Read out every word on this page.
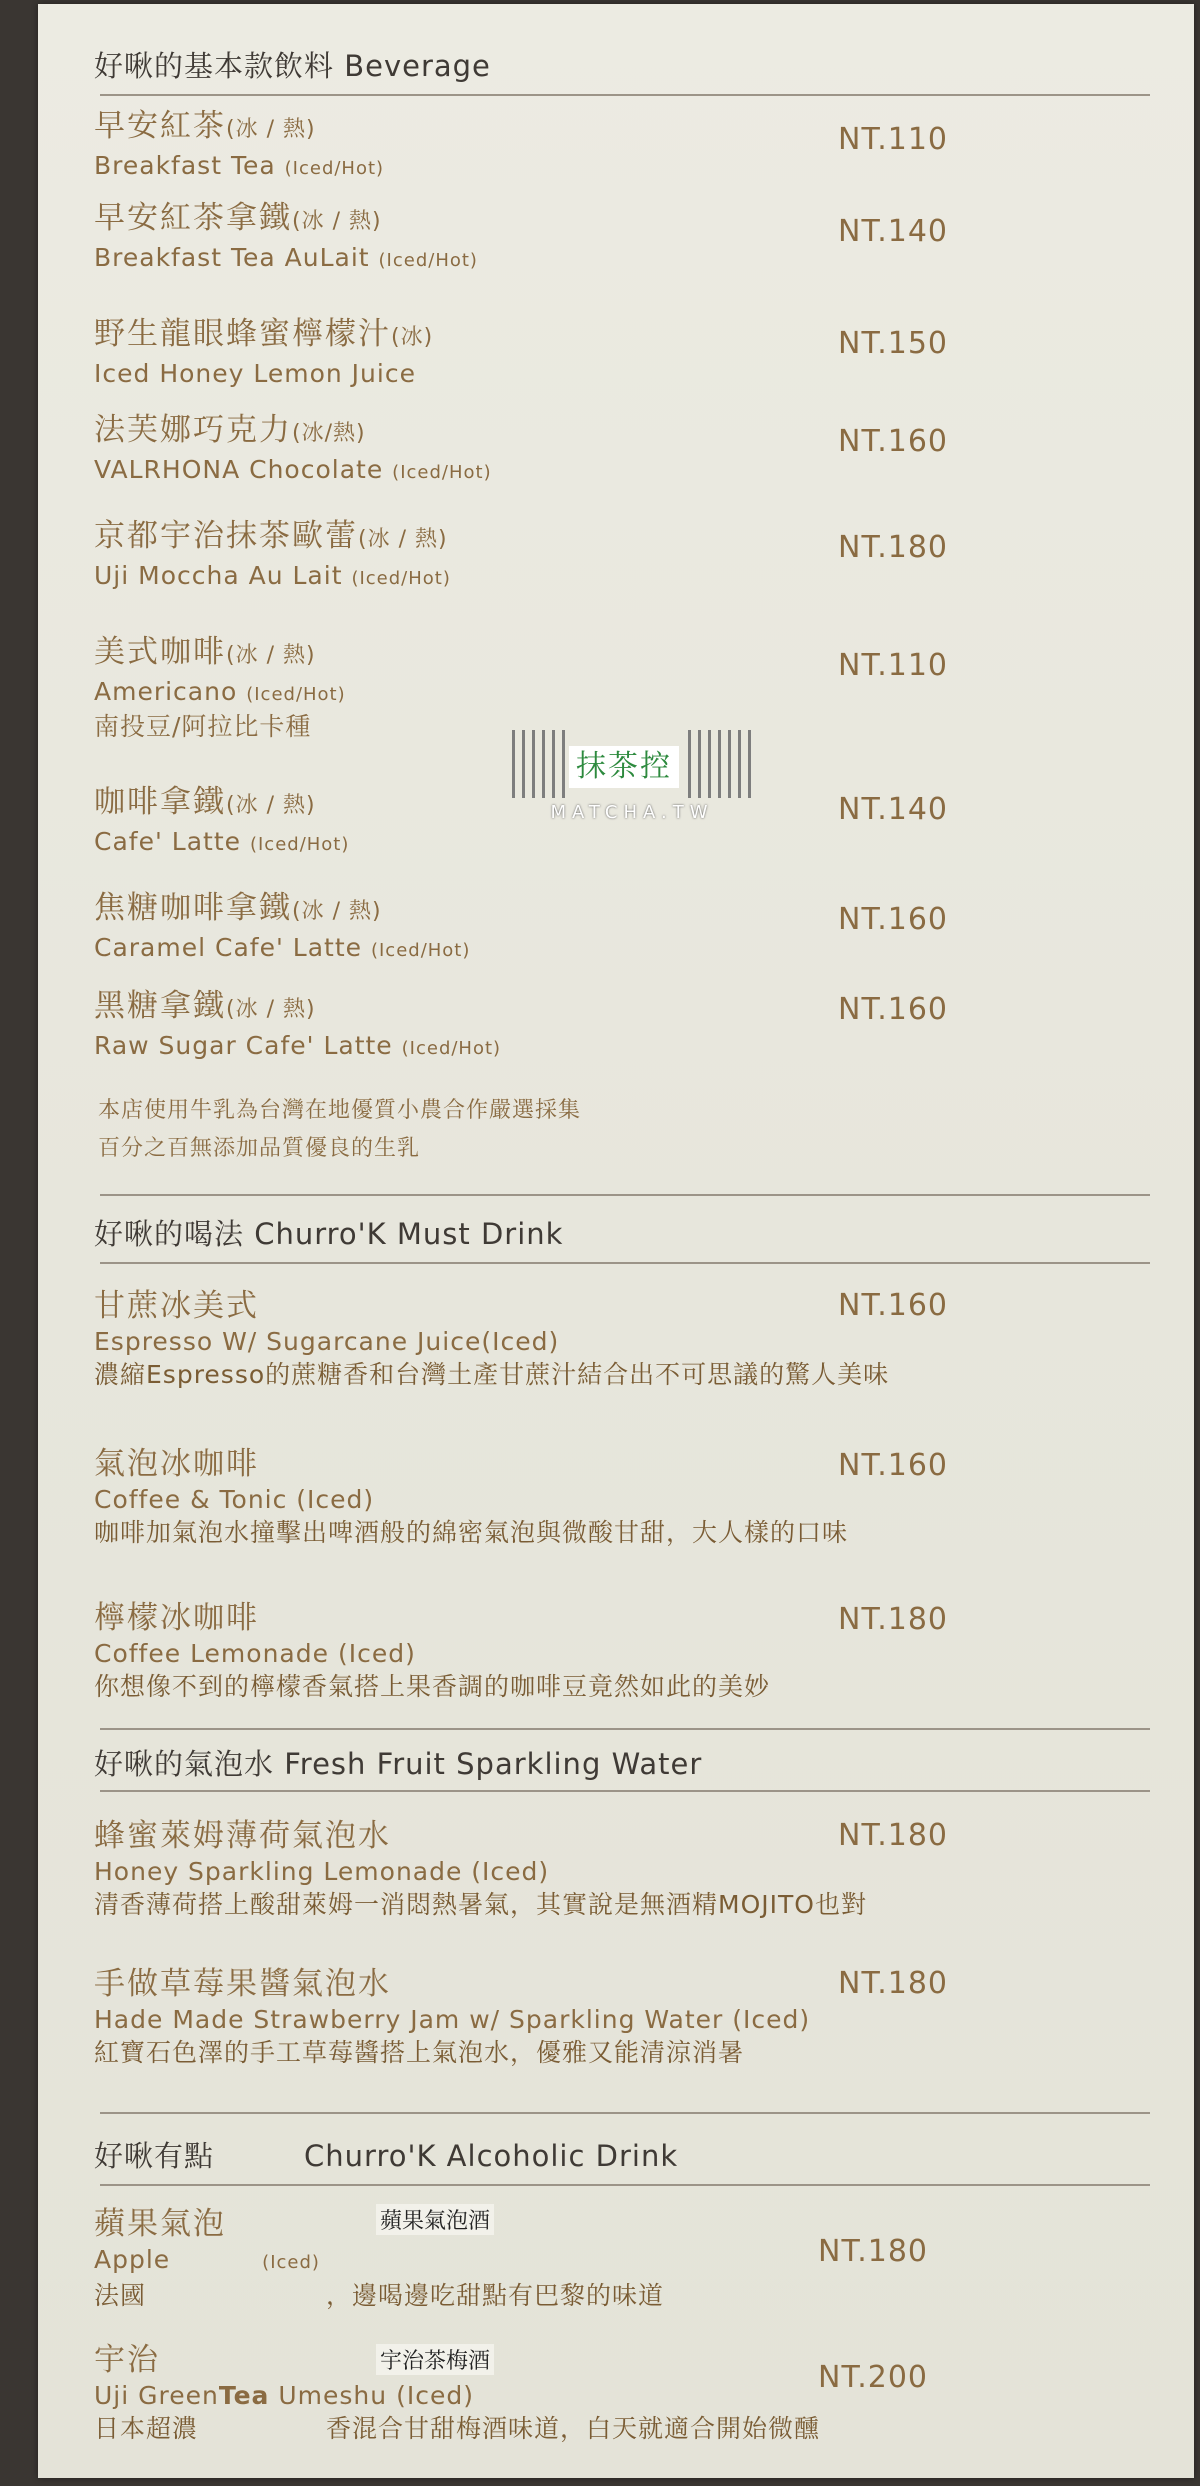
好啾的基本款飲料 Beverage
早安紅茶(冰 / 熱)
Breakfast Tea (Iced/Hot)
NT.110
早安紅茶拿鐵(冰 / 熱)
Breakfast Tea AuLait (Iced/Hot)
NT.140
野生龍眼蜂蜜檸檬汁(冰)
Iced Honey Lemon Juice
NT.150
法芙娜巧克力(冰/熱)
VALRHONA Chocolate (Iced/Hot)
NT.160
京都宇治抹茶歐蕾(冰 / 熱)
Uji Moccha Au Lait (Iced/Hot)
NT.180
美式咖啡(冰 / 熱)
Americano (Iced/Hot)
南投豆/阿拉比卡種
NT.110
咖啡拿鐵(冰 / 熱)
Cafe' Latte (Iced/Hot)
NT.140
焦糖咖啡拿鐵(冰 / 熱)
Caramel Cafe' Latte (Iced/Hot)
NT.160
黑糖拿鐵(冰 / 熱)
Raw Sugar Cafe' Latte (Iced/Hot)
NT.160
本店使用牛乳為台灣在地優質小農合作嚴選採集
百分之百無添加品質優良的生乳
好啾的喝法 Churro'K Must Drink
甘蔗冰美式
Espresso W/ Sugarcane Juice(Iced)
濃縮Espresso的蔗糖香和台灣土產甘蔗汁結合出不可思議的驚人美味
NT.160
氣泡冰咖啡
Coffee & Tonic (Iced)
咖啡加氣泡水撞擊出啤酒般的綿密氣泡與微酸甘甜，大人樣的口味
NT.160
檸檬冰咖啡
Coffee Lemonade (Iced)
你想像不到的檸檬香氣搭上果香調的咖啡豆竟然如此的美妙
NT.180
好啾的氣泡水 Fresh Fruit Sparkling Water
蜂蜜萊姆薄荷氣泡水
Honey Sparkling Lemonade (Iced)
清香薄荷搭上酸甜萊姆一消悶熱暑氣，其實說是無酒精MOJITO也對
NT.180
手做草莓果醬氣泡水
Hade Made Strawberry Jam w/ Sparkling Water (Iced)
紅寶石色澤的手工草莓醬搭上氣泡水，優雅又能清涼消暑
NT.180
好啾有點	Churro'K Alcoholic Drink
蘋果氣泡
Apple	(Iced)
法國	，邊喝邊吃甜點有巴黎的味道
蘋果氣泡酒
NT.180
宇治
Uji GreenTea Umeshu (Iced)
日本超濃	香混合甘甜梅酒味道，白天就適合開始微醺
宇治茶梅酒	NT.200
抹茶控
MATCHA.TW
